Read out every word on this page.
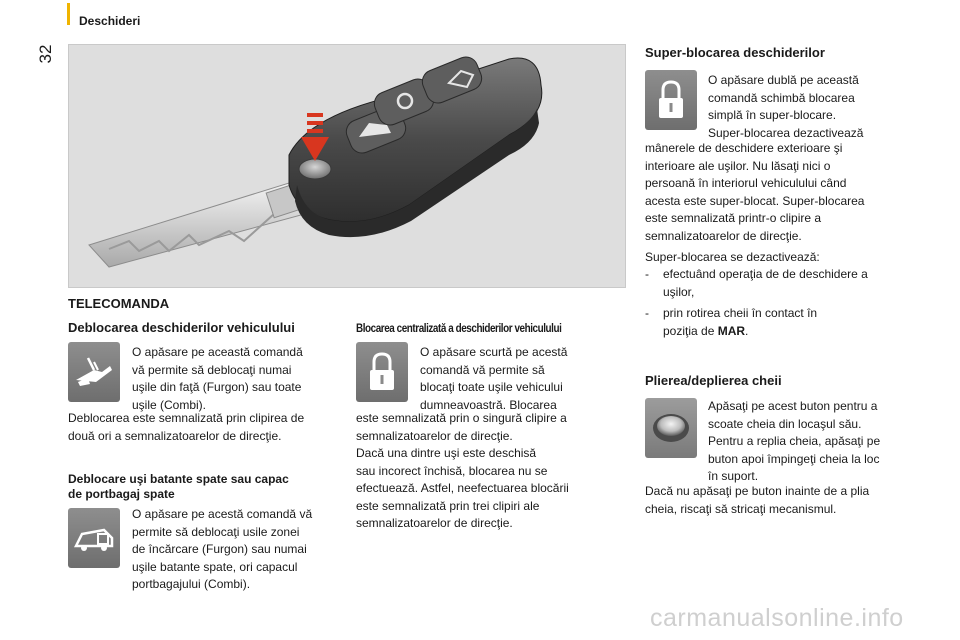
Deschideri
32
TELECOMANDA
Deblocarea deschiderilor vehiculului
O apăsare pe această comandă
vă permite să deblocaţi numai
uşile din faţă (Furgon) sau toate
uşile (Combi).
Deblocarea este semnalizată prin clipirea de
două ori a semnalizatoarelor de direcţie.
Deblocare uşi batante spate sau capac
de portbagaj spate
O apăsare pe acestă comandă vă
permite să deblocaţi usile zonei
de încărcare (Furgon) sau numai
uşile batante spate, ori capacul
portbagajului (Combi).
Blocarea centralizată a deschiderilor vehiculului
O apăsare scurtă pe acestă
comandă vă permite să
blocaţi toate uşile vehicului
dumneavoastră. Blocarea
este semnalizată prin o singură clipire a
semnalizatoarelor de direcţie.
Dacă una dintre uşi este deschisă
sau incorect închisă, blocarea nu se
efectuează. Astfel, neefectuarea blocării
este semnalizată prin trei clipiri ale
semnalizatoarelor de direcţie.
Super-blocarea deschiderilor
O apăsare dublă pe această
comandă schimbă blocarea
simplă în super-blocare.
Super-blocarea dezactivează
mânerele de deschidere exterioare şi
interioare ale uşilor. Nu lăsaţi nici o
persoană în interiorul vehiculului când
acesta este super-blocat. Super-blocarea
este semnalizată printr-o clipire a
semnalizatoarelor de direcţie.
Super-blocarea se dezactivează:
- efectuând operaţia de de deschidere a
uşilor,
- prin rotirea cheii în contact în
poziţia de MAR.
Plierea/deplierea cheii
Apăsaţi pe acest buton pentru a
scoate cheia din locaşul său.
Pentru a replia cheia, apăsaţi pe
buton apoi împingeţi cheia la loc
în suport.
Dacă nu apăsaţi pe buton inainte de a plia
cheia, riscaţi să stricaţi mecanismul.
carmanualsonline.info
